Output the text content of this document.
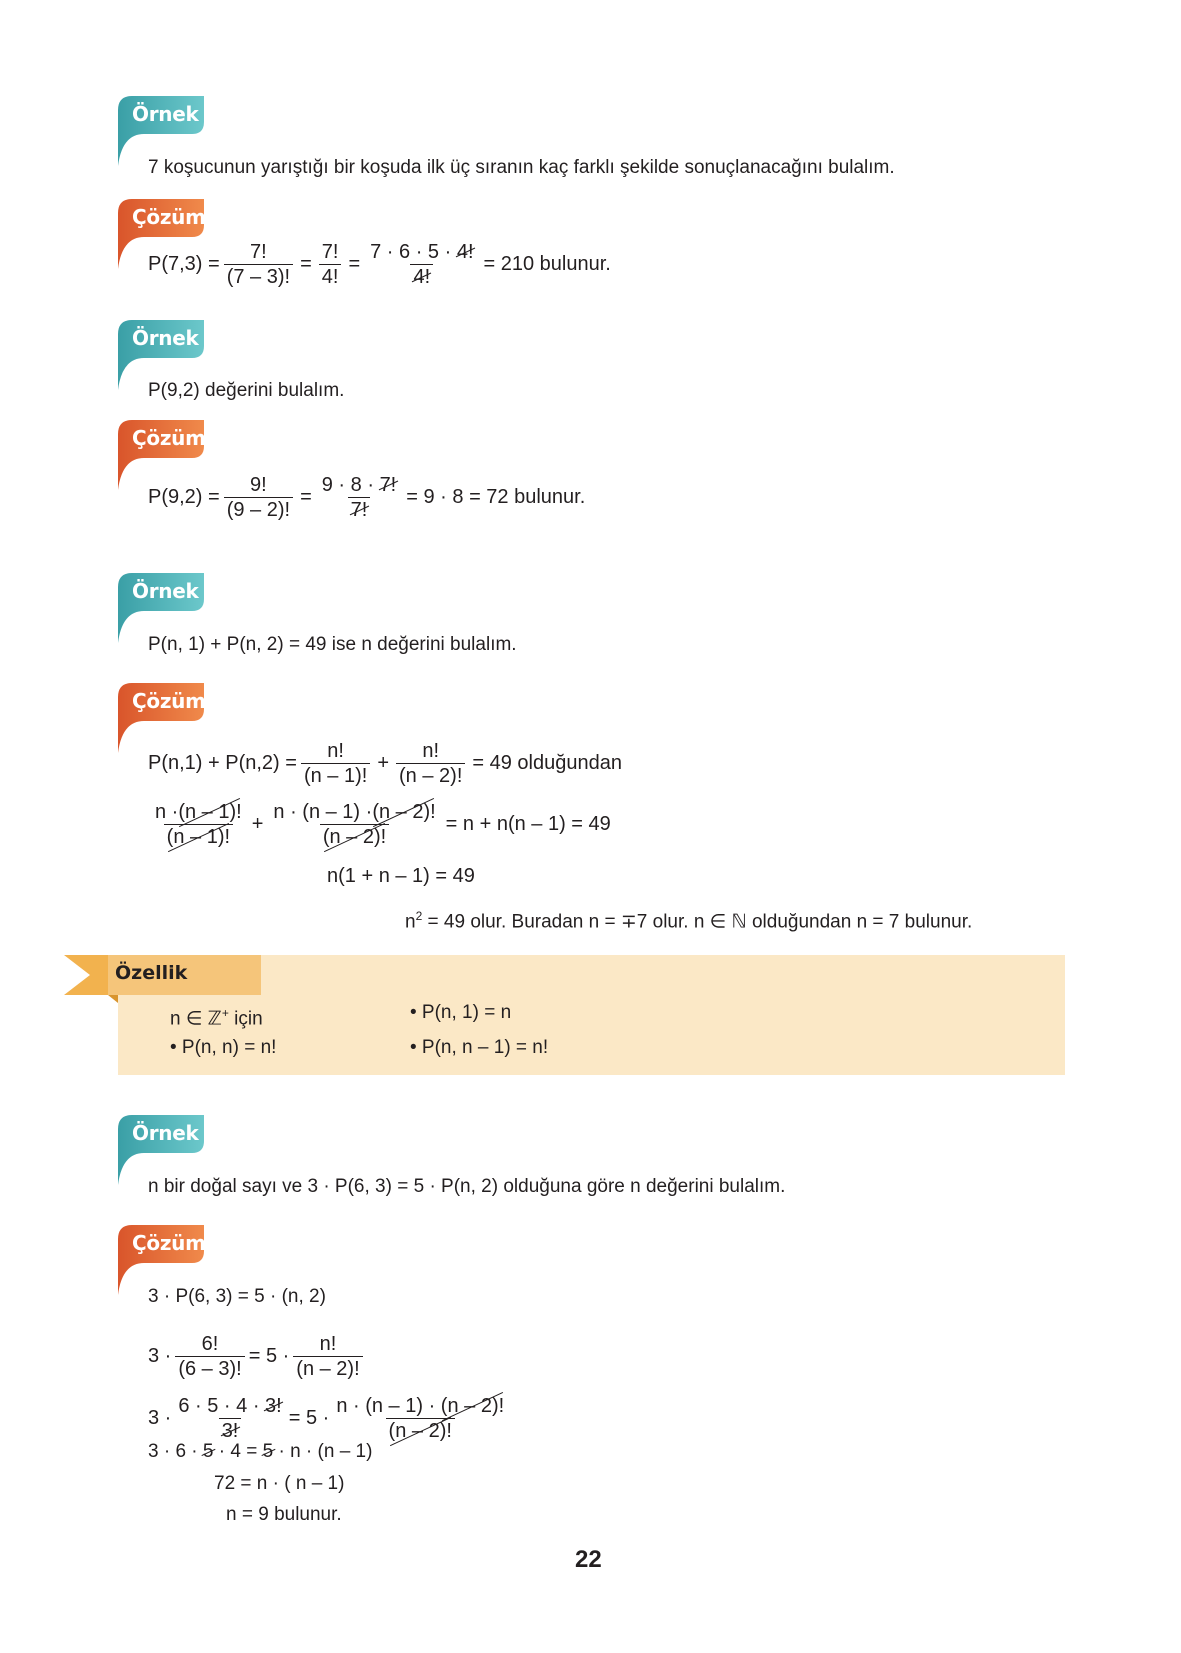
Örnek
7 koşucunun yarıştığı bir koşuda ilk üç sıranın kaç farklı şekilde sonuçlanacağını bulalım.
Çözüm
$P(7,3) = \frac{7!}{(7 - 3)!} = \frac{7!}{4!} = \frac{7 \cdot 6 \cdot 5 \cdot 4!}{4!} = 210$ bulunur.
Örnek
P(9,2) değerini bulalım.
Çözüm
$P(9,2) = \frac{9!}{(9 - 2)!} = \frac{9 \cdot 8 \cdot 7!}{7!} = 9 \cdot 8 = 72$ bulunur.
Örnek
P(n, 1) + P(n, 2) = 49 ise n değerini bulalım.
Çözüm
$P(n,1) + P(n,2) = \frac{n!}{(n - 1)!} + \frac{n!}{(n - 2)!} = 49$ olduğundan
$\frac{n \cdot(n - 1)!}{(n - 1)!} + \frac{n \cdot (n - 1) \cdot(n - 2)!}{(n - 2)!} = n + n(n - 1) = 49$
n(1 + n – 1) = 49
$n^2 = 49$ olur. Buradan n = ∓7 olur. n ∈ ℕ olduğundan n = 7 bulunur.
Özellik
n ∈ ℤ+ için
• P(n, n) = n!
• P(n, 1) = n
• P(n, n – 1) = n!
Örnek
n bir doğal sayı ve 3 · P(6, 3) = 5 · P(n, 2) olduğuna göre n değerini bulalım.
Çözüm
3 · P(6, 3) = 5 · (n, 2)
$3 \cdot \frac{6!}{(6 - 3)!} = 5 \cdot \frac{n!}{(n - 2)!}$
$3 \cdot \frac{6 \cdot 5 \cdot 4 \cdot 3!}{3!} = 5 \cdot \frac{n \cdot (n - 1) \cdot (n - 2)!}{(n - 2)!}$
3 · 6 · 5 · 4 = 5 · n · (n – 1)
72 = n · ( n – 1)
n = 9 bulunur.
22
